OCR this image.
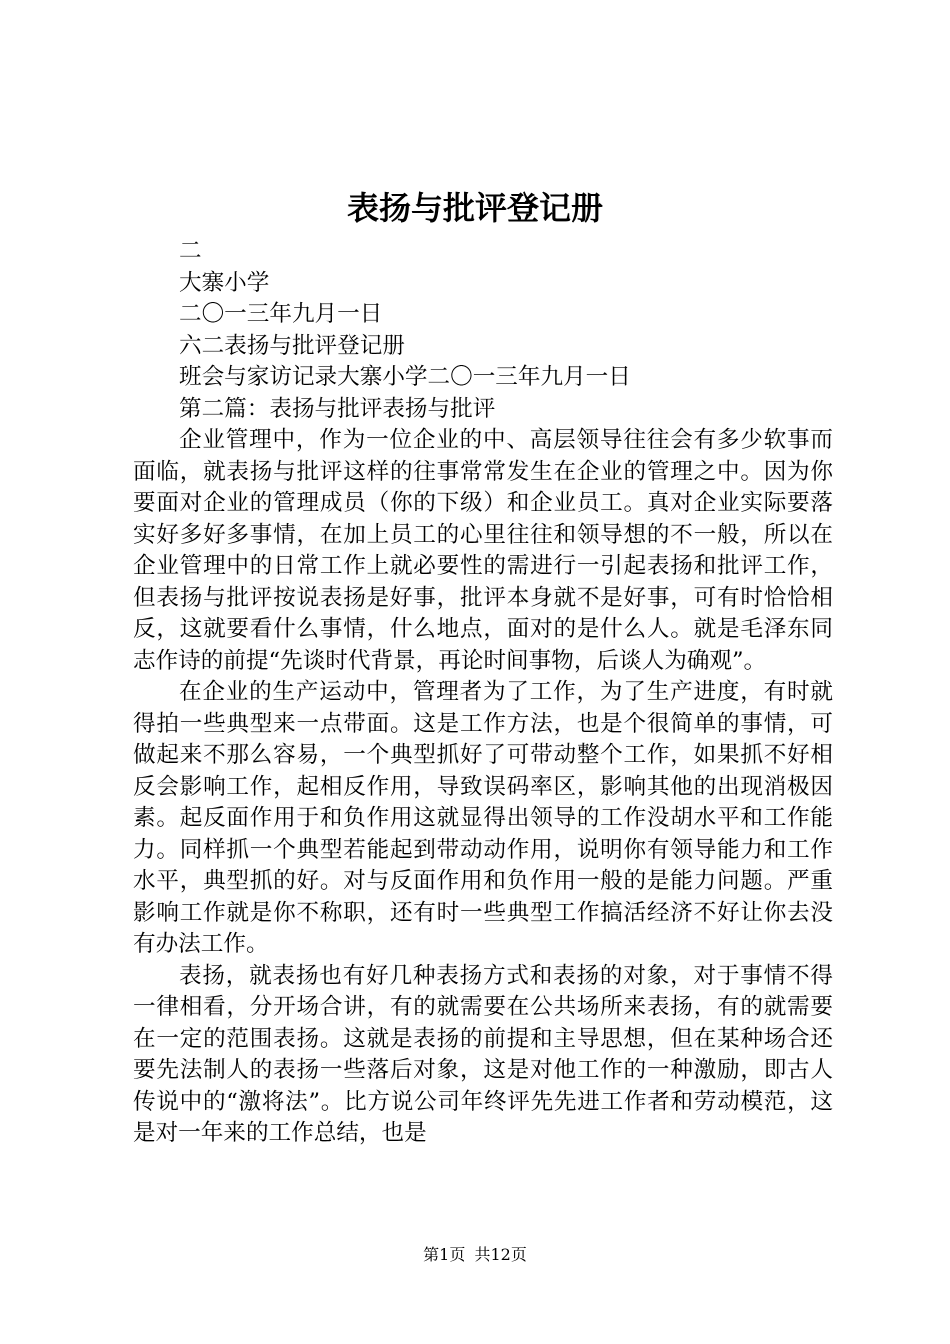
表扬与批评登记册

二

大寨小学

二〇一三年九月一日

六二表扬与批评登记册

班会与家访记录大寨小学二〇一三年九月一日

第二篇：表扬与批评表扬与批评

企业管理中，作为一位企业的中、高层领导往往会有多少软事而面临，就表扬与批评这样的往事常常发生在企业的管理之中。因为你要面对企业的管理成员（你的下级）和企业员工。真对企业实际要落实好多好多事情，在加上员工的心里往往和领导想的不一般，所以在企业管理中的日常工作上就必要性的需进行一引起表扬和批评工作，但表扬与批评按说表扬是好事，批评本身就不是好事，可有时恰恰相反，这就要看什么事情，什么地点，面对的是什么人。就是毛泽东同志作诗的前提“先谈时代背景，再论时间事物，后谈人为确观”。

在企业的生产运动中，管理者为了工作，为了生产进度，有时就得拍一些典型来一点带面。这是工作方法，也是个很简单的事情，可做起来不那么容易，一个典型抓好了可带动整个工作，如果抓不好相反会影响工作，起相反作用，导致误码率区，影响其他的出现消极因素。起反面作用于和负作用这就显得出领导的工作没胡水平和工作能力。同样抓一个典型若能起到带动动作用，说明你有领导能力和工作水平，典型抓的好。对与反面作用和负作用一般的是能力问题。严重影响工作就是你不称职，还有时一些典型工作搞活经济不好让你去没有办法工作。

表扬，就表扬也有好几种表扬方式和表扬的对象，对于事情不得一律相看，分开场合讲，有的就需要在公共场所来表扬，有的就需要在一定的范围表扬。这就是表扬的前提和主导思想，但在某种场合还要先法制人的表扬一些落后对象，这是对他工作的一种激励，即古人传说中的“激将法”。比方说公司年终评先先进工作者和劳动模范，这是对一年来的工作总结，也是

第1页 共12页
